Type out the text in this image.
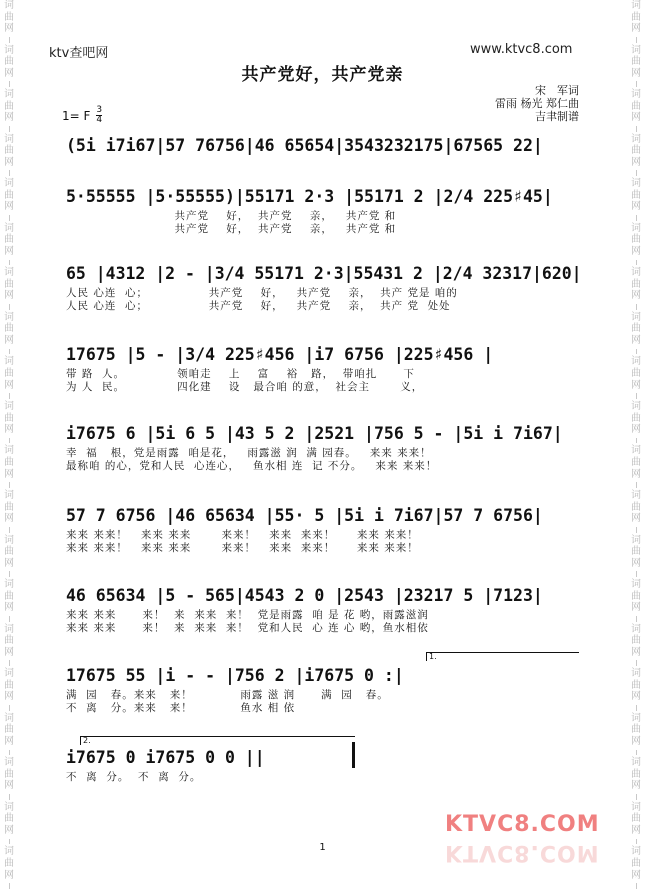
词
曲
网
词
曲
网
词
曲
网
词
曲
网
词
曲
网
词
曲
网
词
曲
网
词
曲
网
词
曲
网
词
曲
网
词
曲
网
词
曲
网
词
曲
网
词
曲
网
词
曲
网
词
曲
网
词
曲
网
词
曲
网
词
曲
网
词
曲
网
词
曲
网
词
曲
网
词
曲
网
词
曲
网
词
曲
网
词
曲
网
词
曲
网
词
曲
网
词
曲
网
词
曲
网
词
曲
网
词
曲
网
词
曲
网
词
曲
网
词
曲
网
词
曲
网
词
曲
网
词
曲
网
词
曲
网
词
曲
网
ktv查吧网	www.ktvc8.com
共产党好，共产党亲
宋　军词
雷雨 杨光 郑仁曲
吉聿制谱
1= F $\frac{3}{4}$
(5i i7i67|57 76756|46 65654|3543232175|67565 22|
5·55555 |5·55555)|55171 2·3 |55171 2 |2/4 225♯45|
共产党    好，  共产党    亲，   共产党 和
共产党    好，  共产党    亲，   共产党 和
65 |4312 |2 - |3/4 55171 2·3|55431 2 |2/4 32317|620|
人民 心连  心；              共产党    好，   共产党    亲，  共产 党是 咱的
人民 心连  心；              共产党    好，   共产党    亲，  共产 党  处处
17675 |5 - |3/4 225♯456 |i7 6756 |225♯456 |
带 路  人。            领咱走    上    富    裕   路，  带咱扎      下
为 人  民。            四化建    设   最合咱 的意，  社会主       义，
i7675 6 |5i 6 5 |43 5 2 |2521 |756 5 - |5i i 7i67|
幸  福   根，党是雨露  咱是花，   雨露滋 润  满 园春。   来来 来来！
最称咱 的心，党和人民  心连心，   鱼水相 连  记 不分。   来来 来来！
57 7 6756 |46 65634 |55· 5 |5i i 7i67|57 7 6756|
来来 来来！   来来 来来       来来！   来来  来来！     来来 来来！
来来 来来！   来来 来来       来来！   来来  来来！     来来 来来！
46 65634 |5 - 565|4543 2 0 |2543 |23217 5 |7123|
来来 来来      来！  来  来来  来！  党是雨露  咱 是 花 哟，雨露滋润
来来 来来      来！  来  来来  来！  党和人民  心 连 心 哟，鱼水相依
17675 55 |i - - |756 2 |i7675 0 :|
满  园   春。来来   来！           雨露 滋 润      满  园   春。
不  离   分。来来   来！           鱼水 相 依
i7675 0 i7675 0 0 ||
不  离  分。  不  离  分。
1.
2.
KTVC8.COM
KTVC8.COM
1
